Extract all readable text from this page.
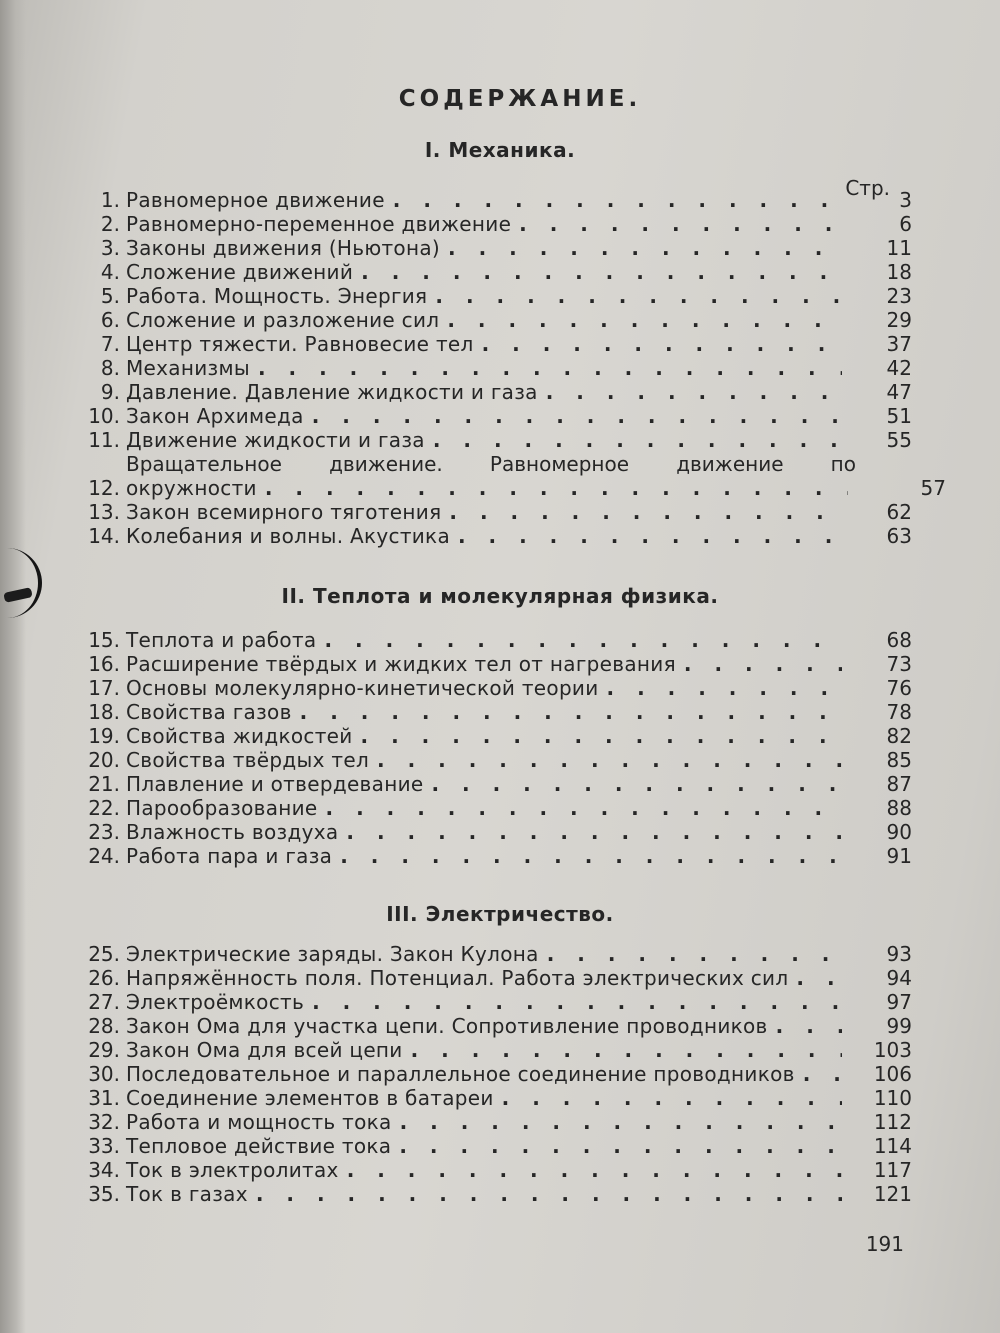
СОДЕРЖАНИЕ.
I. Механика.
Стр.
1. Равномерное движение . . .	3
2. Равномерно-переменное движение . . .	6
3. Законы движения (Ньютона) . . .	11
4. Сложение движений . . .	18
5. Работа. Мощность. Энергия . . .	23
6. Сложение и разложение сил . . .	29
7. Центр тяжести. Равновесие тел . . .	37
8. Механизмы . . .	42
9. Давление. Давление жидкости и газа . . .	47
10. Закон Архимеда . . .	51
11. Движение жидкости и газа . . .	55
12.
Вращательное движение. Равномерное движение по
окружности . . .	57
13. Закон всемирного тяготения . . .	62
14. Колебания и волны. Акустика . . .	63
II. Теплота и молекулярная физика.
15. Теплота и работа . . .	68
16. Расширение твёрдых и жидких тел от нагревания . . .	73
17. Основы молекулярно-кинетической теории . . .	76
18. Свойства газов . . .	78
19. Свойства жидкостей . . .	82
20. Свойства твёрдых тел . . .	85
21. Плавление и отвердевание . . .	87
22. Парообразование . . .	88
23. Влажность воздуха . . .	90
24. Работа пара и газа . . .	91
III. Электричество.
25. Электрические заряды. Закон Кулона . . .	93
26. Напряжённость поля. Потенциал. Работа электрических сил . . .	94
27. Электроёмкость . . .	97
28. Закон Ома для участка цепи. Сопротивление проводников . . .	99
29. Закон Ома для всей цепи . . .	103
30. Последовательное и параллельное соединение проводников . . .	106
31. Соединение элементов в батареи . . .	110
32. Работа и мощность тока . . .	112
33. Тепловое действие тока . . .	114
34. Ток в электролитах . . .	117
35. Ток в газах . . .	121
191
